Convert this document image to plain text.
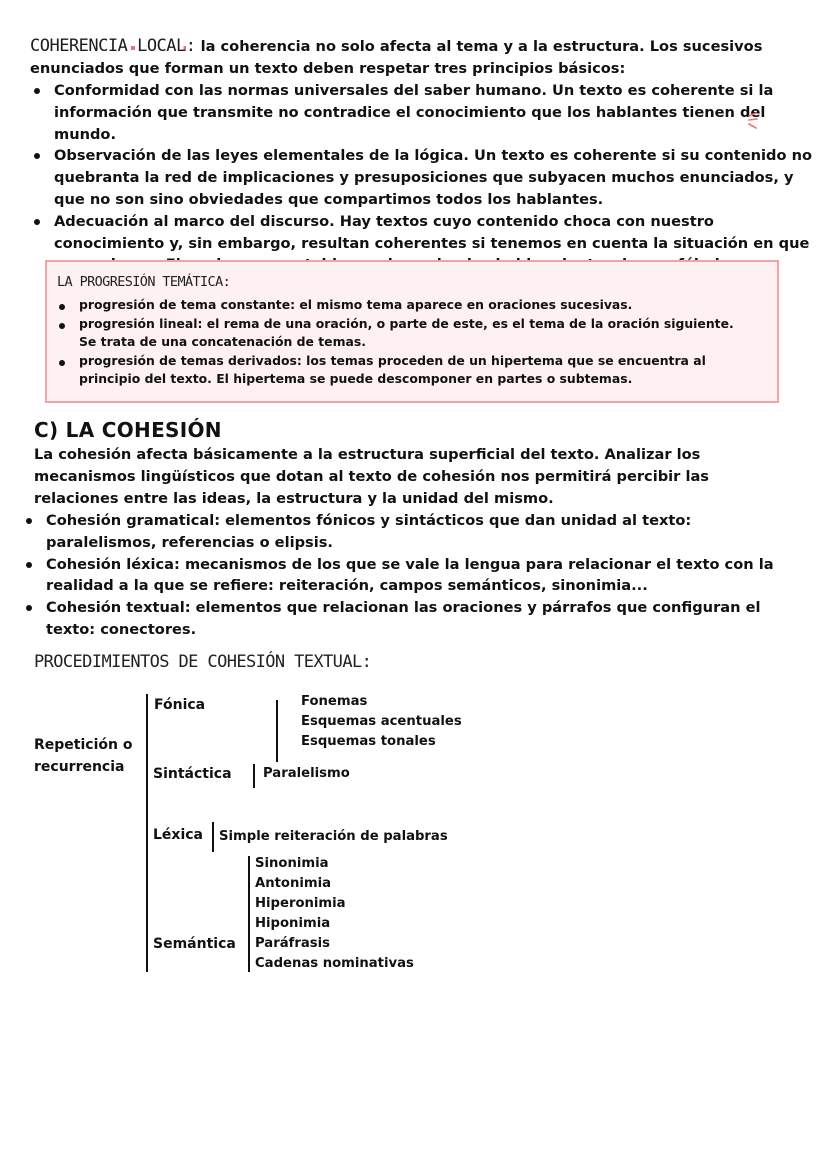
COHERENCIA LOCAL: la coherencia no solo afecta al tema y a la estructura. Los sucesivos enunciados que forman un texto deben respetar tres principios básicos:
Conformidad con las normas universales del saber humano. Un texto es coherente si la información que transmite no contradice el conocimiento que los hablantes tienen del mundo.
Observación de las leyes elementales de la lógica. Un texto es coherente si su contenido no quebranta la red de implicaciones y presuposiciones que subyacen muchos enunciados, y que no son sino obviedades que compartimos todos los hablantes.
Adecuación al marco del discurso. Hay textos cuyo contenido choca con nuestro conocimiento y, sin embargo, resultan coherentes si tenemos en cuenta la situación en que
LA PROGRESIÓN TEMÁTICA:
progresión de tema constante: el mismo tema aparece en oraciones sucesivas.
progresión lineal: el rema de una oración, o parte de este, es el tema de la oración siguiente. Se trata de una concatenación de temas.
progresión de temas derivados: los temas proceden de un hipertema que se encuentra al principio del texto. El hipertema se puede descomponer en partes o subtemas.
C) LA COHESIÓN
La cohesión afecta básicamente a la estructura superficial del texto. Analizar los mecanismos lingüísticos que dotan al texto de cohesión nos permitirá percibir las relaciones entre las ideas, la estructura y la unidad del mismo.
Cohesión gramatical: elementos fónicos y sintácticos que dan unidad al texto: paralelismos, referencias o elipsis.
Cohesión léxica: mecanismos de los que se vale la lengua para relacionar el texto con la realidad a la que se refiere: reiteración, campos semánticos, sinonimia...
Cohesión textual: elementos que relacionan las oraciones y párrafos que configuran el texto: conectores.
PROCEDIMIENTOS DE COHESIÓN TEXTUAL:
Repetición o
recurrencia
Fónica	Fonemas
Esquemas acentuales
Esquemas tonales
Sintáctica Paralelismo
Léxica Simple reiteración de palabras
Semántica
Sinonimia
Antonimia
Hiperonimia
Hiponimia
Paráfrasis
Cadenas nominativas
